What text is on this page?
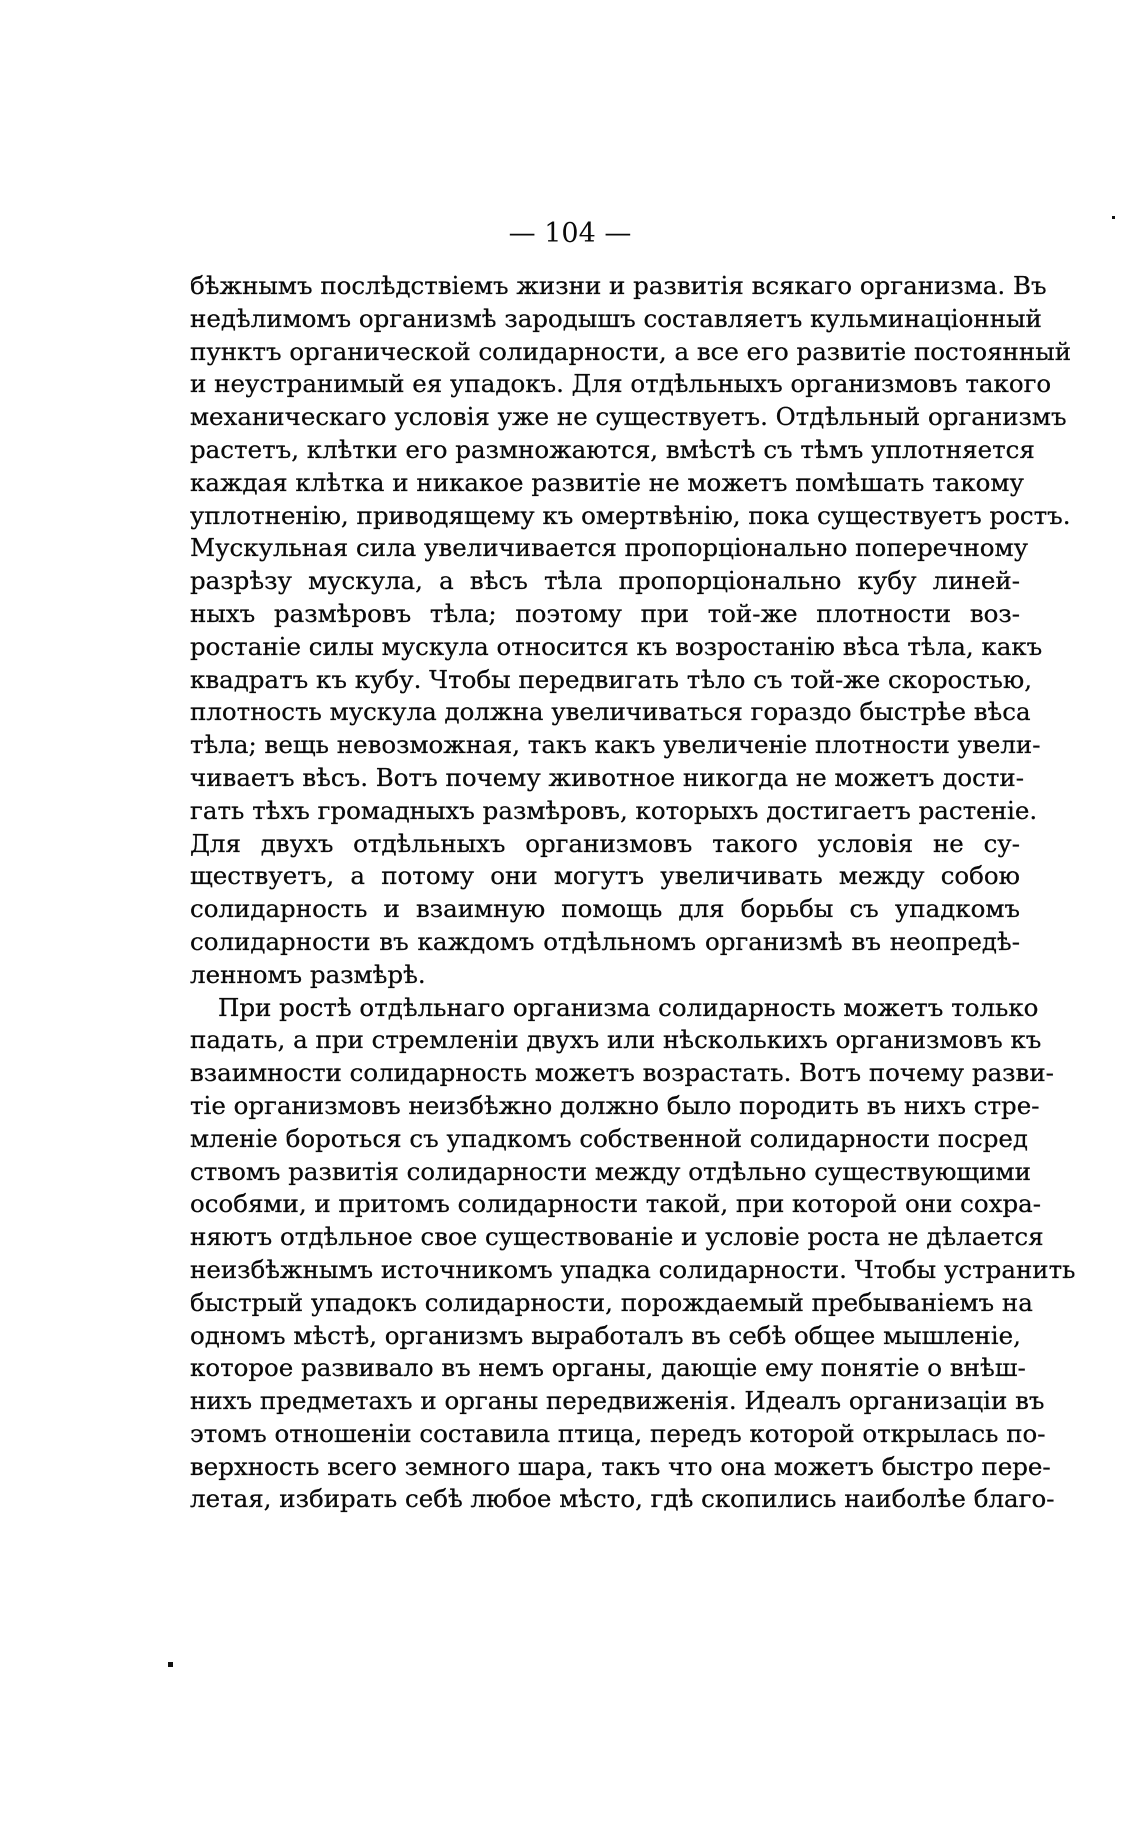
— 104 —
бѣжнымъ послѣдствіемъ жизни и развитія всякаго организма. Въ
недѣлимомъ организмѣ зародышъ составляетъ кульминаціонный
пунктъ органической солидарности, а все его развитіе постоянный
и неустранимый ея упадокъ. Для отдѣльныхъ организмовъ такого
механическаго условія уже не существуетъ. Отдѣльный организмъ
растетъ, клѣтки его размножаются, вмѣстѣ съ тѣмъ уплотняется
каждая клѣтка и никакое развитіе не можетъ помѣшать такому
уплотненію, приводящему къ омертвѣнію, пока существуетъ ростъ.
Мускульная сила увеличивается пропорціонально поперечному
разрѣзу мускула, а вѣсъ тѣла пропорціонально кубу линей-
ныхъ размѣровъ тѣла; поэтому при той-же плотности воз-
ростаніе силы мускула относится къ возростанію вѣса тѣла, какъ
квадратъ къ кубу. Чтобы передвигать тѣло съ той-же скоростью,
плотность мускула должна увеличиваться гораздо быстрѣе вѣса
тѣла; вещь невозможная, такъ какъ увеличеніе плотности увели-
чиваетъ вѣсъ. Вотъ почему животное никогда не можетъ дости-
гать тѣхъ громадныхъ размѣровъ, которыхъ достигаетъ растеніе.
Для двухъ отдѣльныхъ организмовъ такого условія не су-
ществуетъ, а потому они могутъ увеличивать между собою
солидарность и взаимную помощь для борьбы съ упадкомъ
солидарности въ каждомъ отдѣльномъ организмѣ въ неопредѣ-
ленномъ размѣрѣ.
При ростѣ отдѣльнаго организма солидарность можетъ только
падать, а при стремленіи двухъ или нѣсколькихъ организмовъ къ
взаимности солидарность можетъ возрастать. Вотъ почему разви-
тіе организмовъ неизбѣжно должно было породить въ нихъ стре-
мленіе бороться съ упадкомъ собственной солидарности посред
ствомъ развитія солидарности между отдѣльно существующими
особями, и притомъ солидарности такой, при которой они сохра-
няютъ отдѣльное свое существованіе и условіе роста не дѣлается
неизбѣжнымъ источникомъ упадка солидарности. Чтобы устранить
быстрый упадокъ солидарности, порождаемый пребываніемъ на
одномъ мѣстѣ, организмъ выработалъ въ себѣ общее мышленіе,
которое развивало въ немъ органы, дающіе ему понятіе о внѣш-
нихъ предметахъ и органы передвиженія. Идеалъ организаціи въ
этомъ отношеніи составила птица, передъ которой открылась по-
верхность всего земного шара, такъ что она можетъ быстро пере-
летая, избирать себѣ любое мѣсто, гдѣ скопились наиболѣе благо-
